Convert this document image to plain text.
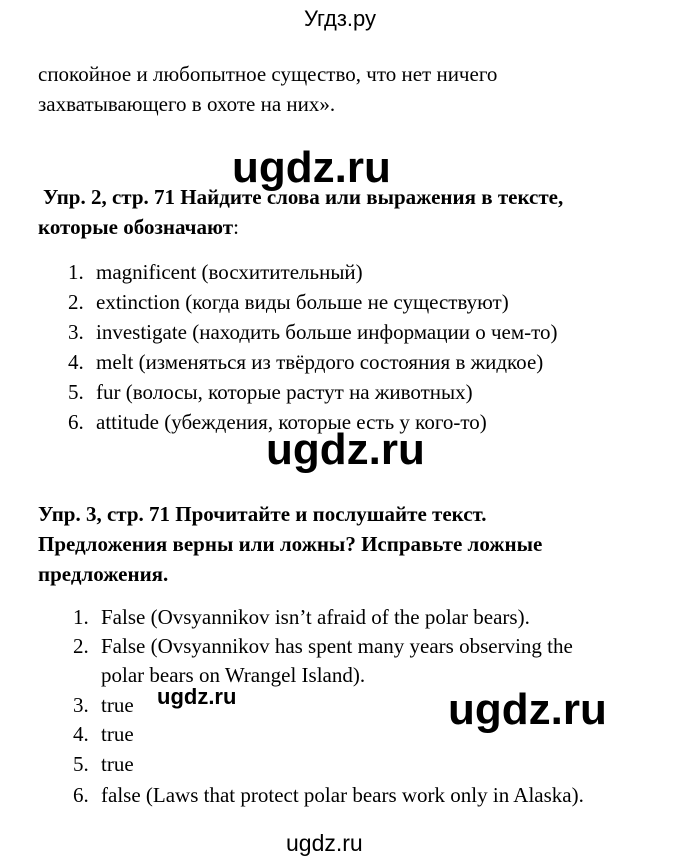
Угдз.ру
спокойное и любопытное существо, что нет ничего
захватывающего в охоте на них».
ugdz.ru
Упр. 2, стр. 71 Найдите слова или выражения в тексте,
которые обозначают:
1. magnificent (восхитительный)
2. extinction (когда виды больше не существуют)
3. investigate (находить больше информации о чем-то)
4. melt (изменяться из твёрдого состояния в жидкое)
5. fur (волосы, которые растут на животных)
6. attitude (убеждения, которые есть у кого-то)
ugdz.ru
Упр. 3, стр. 71 Прочитайте и послушайте текст.
Предложения верны или ложны? Исправьте ложные
предложения.
1. False (Ovsyannikov isn’t afraid of the polar bears).
2. False (Ovsyannikov has spent many years observing the
polar bears on Wrangel Island).
3. true
4. true
5. true
6. false (Laws that protect polar bears work only in Alaska).
ugdz.ru	ugdz.ru
ugdz.ru
